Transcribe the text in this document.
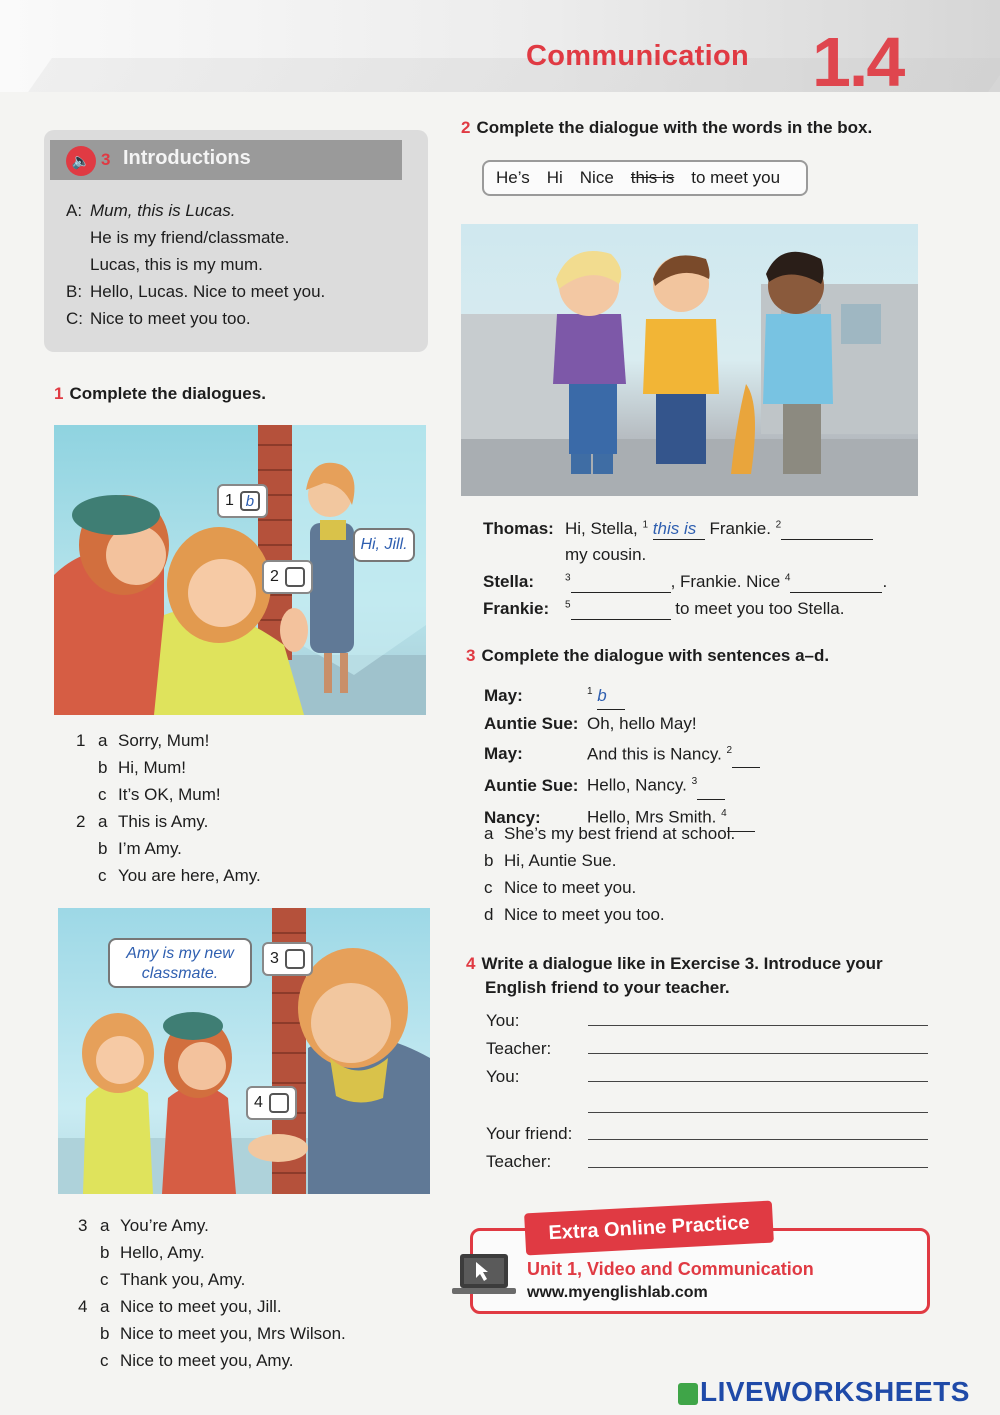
Communication 1.4
🔈 3 Introductions
A: Mum, this is Lucas.
He is my friend/classmate.
Lucas, this is my mum.
B: Hello, Lucas. Nice to meet you.
C: Nice to meet you too.
1 Complete the dialogues.
1 b
2
Hi, Jill.
1 a Sorry, Mum!
b Hi, Mum!
c It’s OK, Mum!
2 a This is Amy.
b I’m Amy.
c You are here, Amy.
Amy is my new classmate.
3
4
3 a You’re Amy.
b Hello, Amy.
c Thank you, Amy.
4 a Nice to meet you, Jill.
b Nice to meet you, Mrs Wilson.
c Nice to meet you, Amy.
2 Complete the dialogue with the words in the box.
He’s Hi Nice this is to meet you
Thomas: Hi, Stella, $^1$ this is Frankie. $^2$
my cousin.
Stella:	$^3$	, Frankie. Nice $^4$	.
Frankie: $^5$	to meet you too Stella.
3 Complete the dialogue with sentences a–d.
May:	$^1$ b
Auntie Sue: Oh, hello May!
May:	And this is Nancy. $^2$
Auntie Sue: Hello, Nancy. $^3$
Nancy:	Hello, Mrs Smith. $^4$
a She’s my best friend at school.
b Hi, Auntie Sue.
c Nice to meet you.
d Nice to meet you too.
4 Write a dialogue like in Exercise 3. Introduce your
English friend to your teacher.
You:
Teacher:
You:
Your friend:
Teacher:
Extra Online Practice
Unit 1, Video and Communication
www.myenglishlab.com
LIVEWORKSHEETS
